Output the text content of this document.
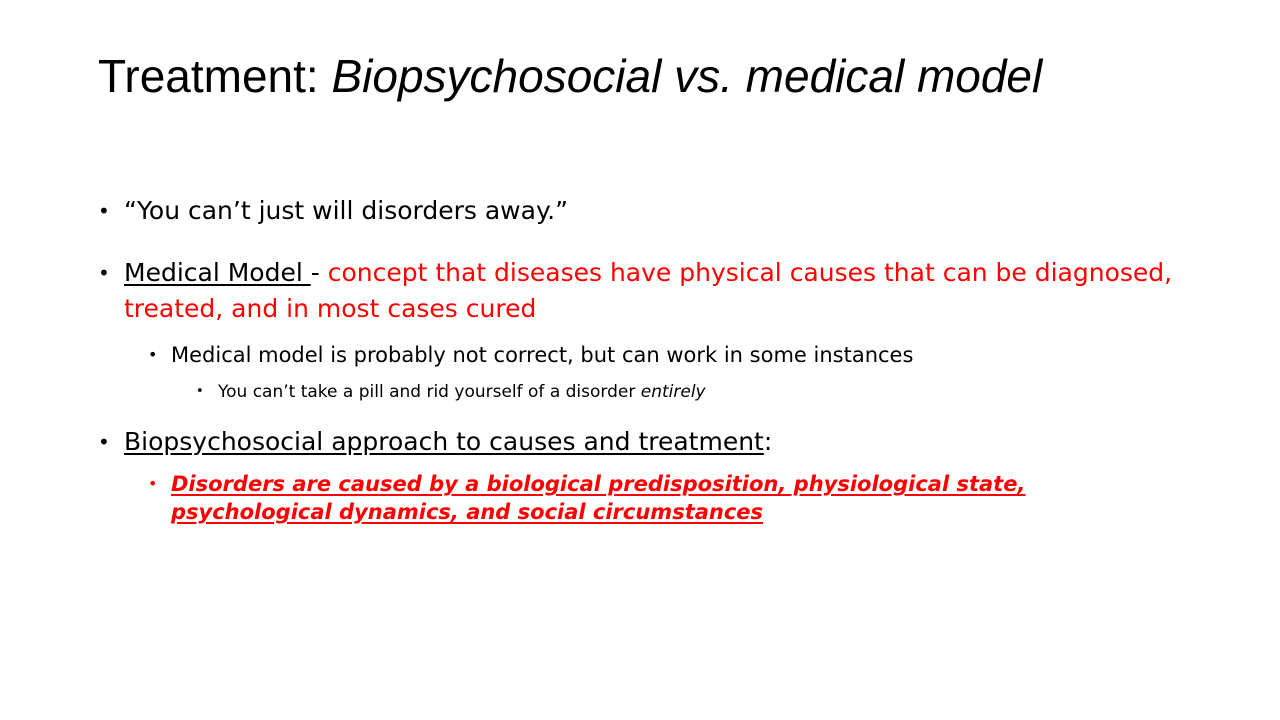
Treatment: Biopsychosocial vs. medical model
• “You can’t just will disorders away.”
• Medical Model - concept that diseases have physical causes that can be diagnosed, treated, and in most cases cured
• Medical model is probably not correct, but can work in some instances
• You can’t take a pill and rid yourself of a disorder entirely
• Biopsychosocial approach to causes and treatment:
• Disorders are caused by a biological predisposition, physiological state, psychological dynamics, and social circumstances
